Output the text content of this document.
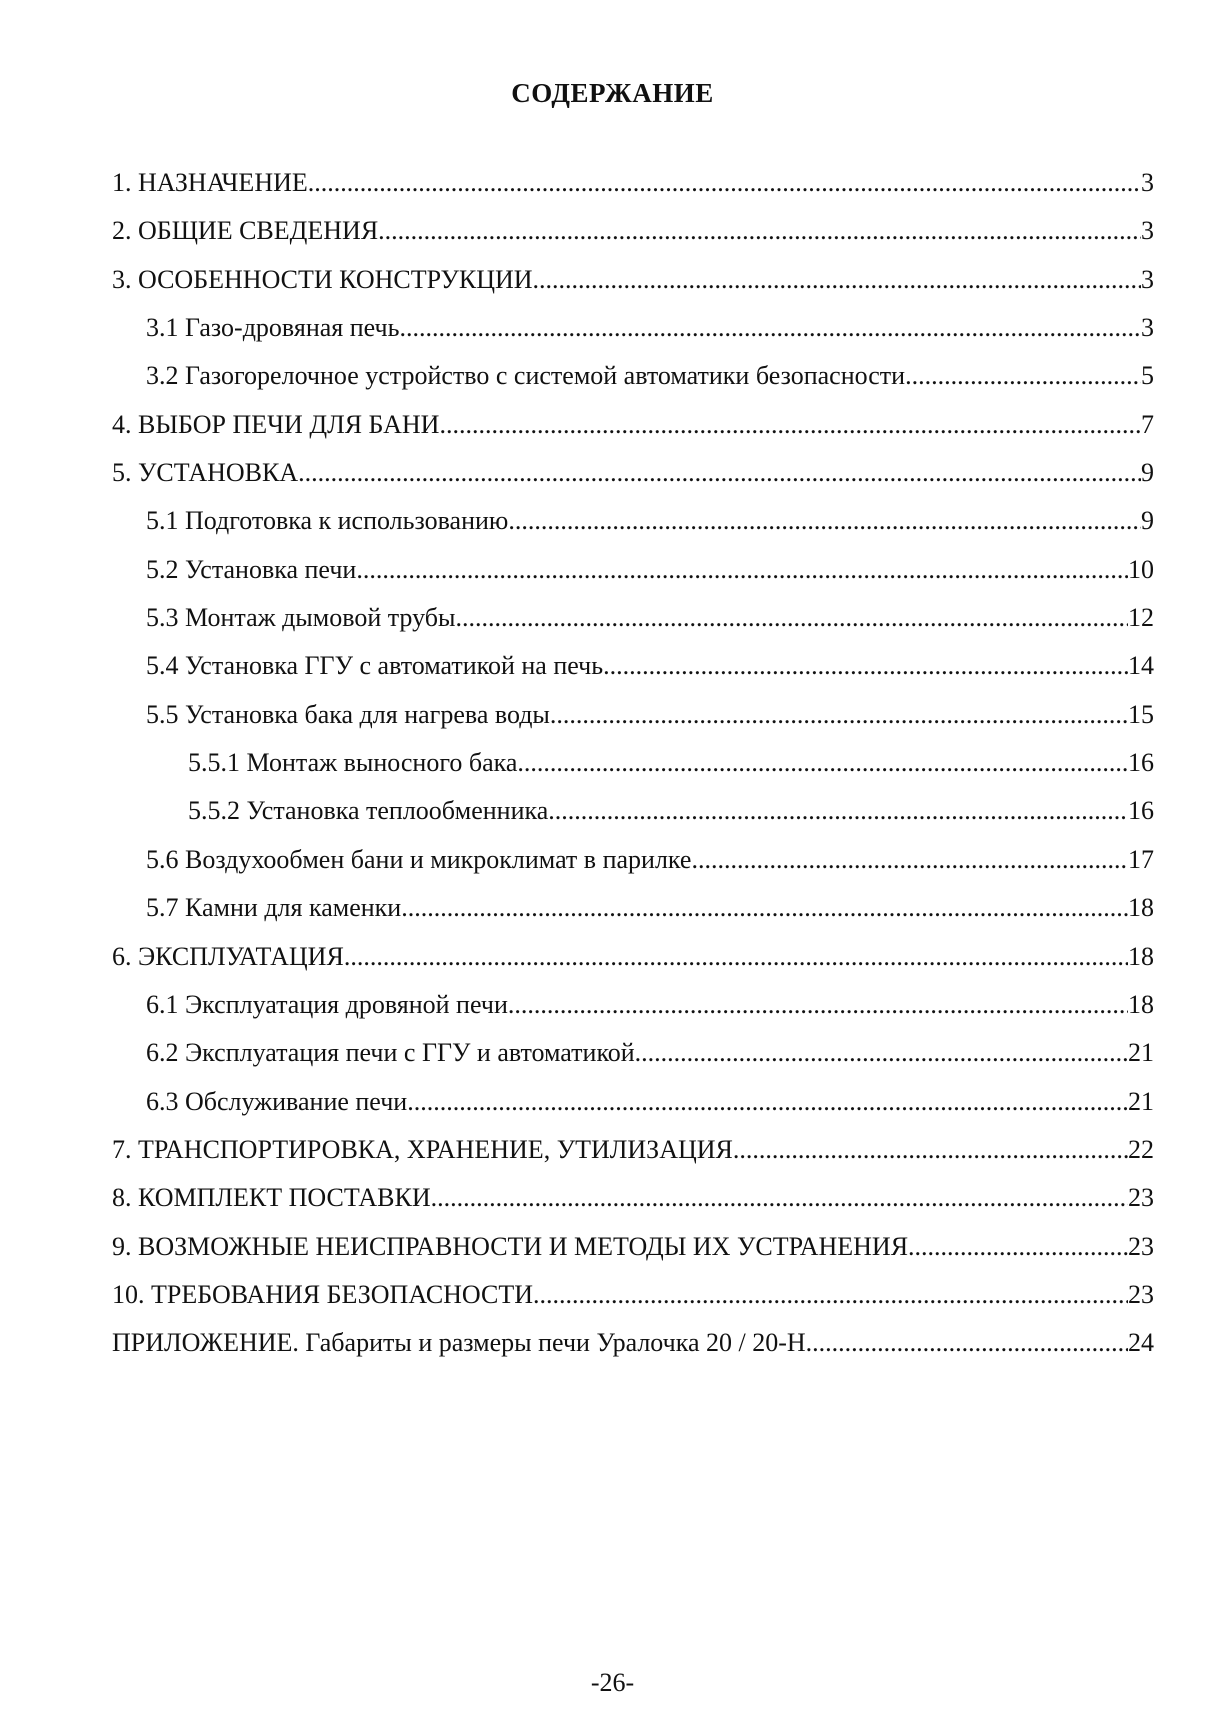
СОДЕРЖАНИЕ
1. НАЗНАЧЕНИЕ .....	3
2. ОБЩИЕ СВЕДЕНИЯ .....	3
3. ОСОБЕННОСТИ КОНСТРУКЦИИ .....	3
3.1 Газо-дровяная печь .....	3
3.2 Газогорелочное устройство с системой автоматики безопасности .....	5
4. ВЫБОР ПЕЧИ ДЛЯ БАНИ .....	7
5. УСТАНОВКА .....	9
5.1 Подготовка к использованию .....	9
5.2 Установка печи .....	10
5.3 Монтаж дымовой трубы .....	12
5.4 Установка ГГУ с автоматикой на печь .....	14
5.5 Установка бака для нагрева воды .....	15
5.5.1 Монтаж выносного бака .....	16
5.5.2 Установка теплообменника .....	16
5.6 Воздухообмен бани и микроклимат в парилке .....	17
5.7 Камни для каменки .....	18
6. ЭКСПЛУАТАЦИЯ .....	18
6.1 Эксплуатация дровяной печи .....	18
6.2 Эксплуатация печи с ГГУ и автоматикой .....	21
6.3 Обслуживание печи .....	21
7. ТРАНСПОРТИРОВКА, ХРАНЕНИЕ, УТИЛИЗАЦИЯ .....	22
8. КОМПЛЕКТ ПОСТАВКИ .....	23
9. ВОЗМОЖНЫЕ НЕИСПРАВНОСТИ И МЕТОДЫ ИХ УСТРАНЕНИЯ .....	23
10. ТРЕБОВАНИЯ БЕЗОПАСНОСТИ .....	23
ПРИЛОЖЕНИЕ. Габариты и размеры печи Уралочка 20 / 20-Н .....	24
-26-
